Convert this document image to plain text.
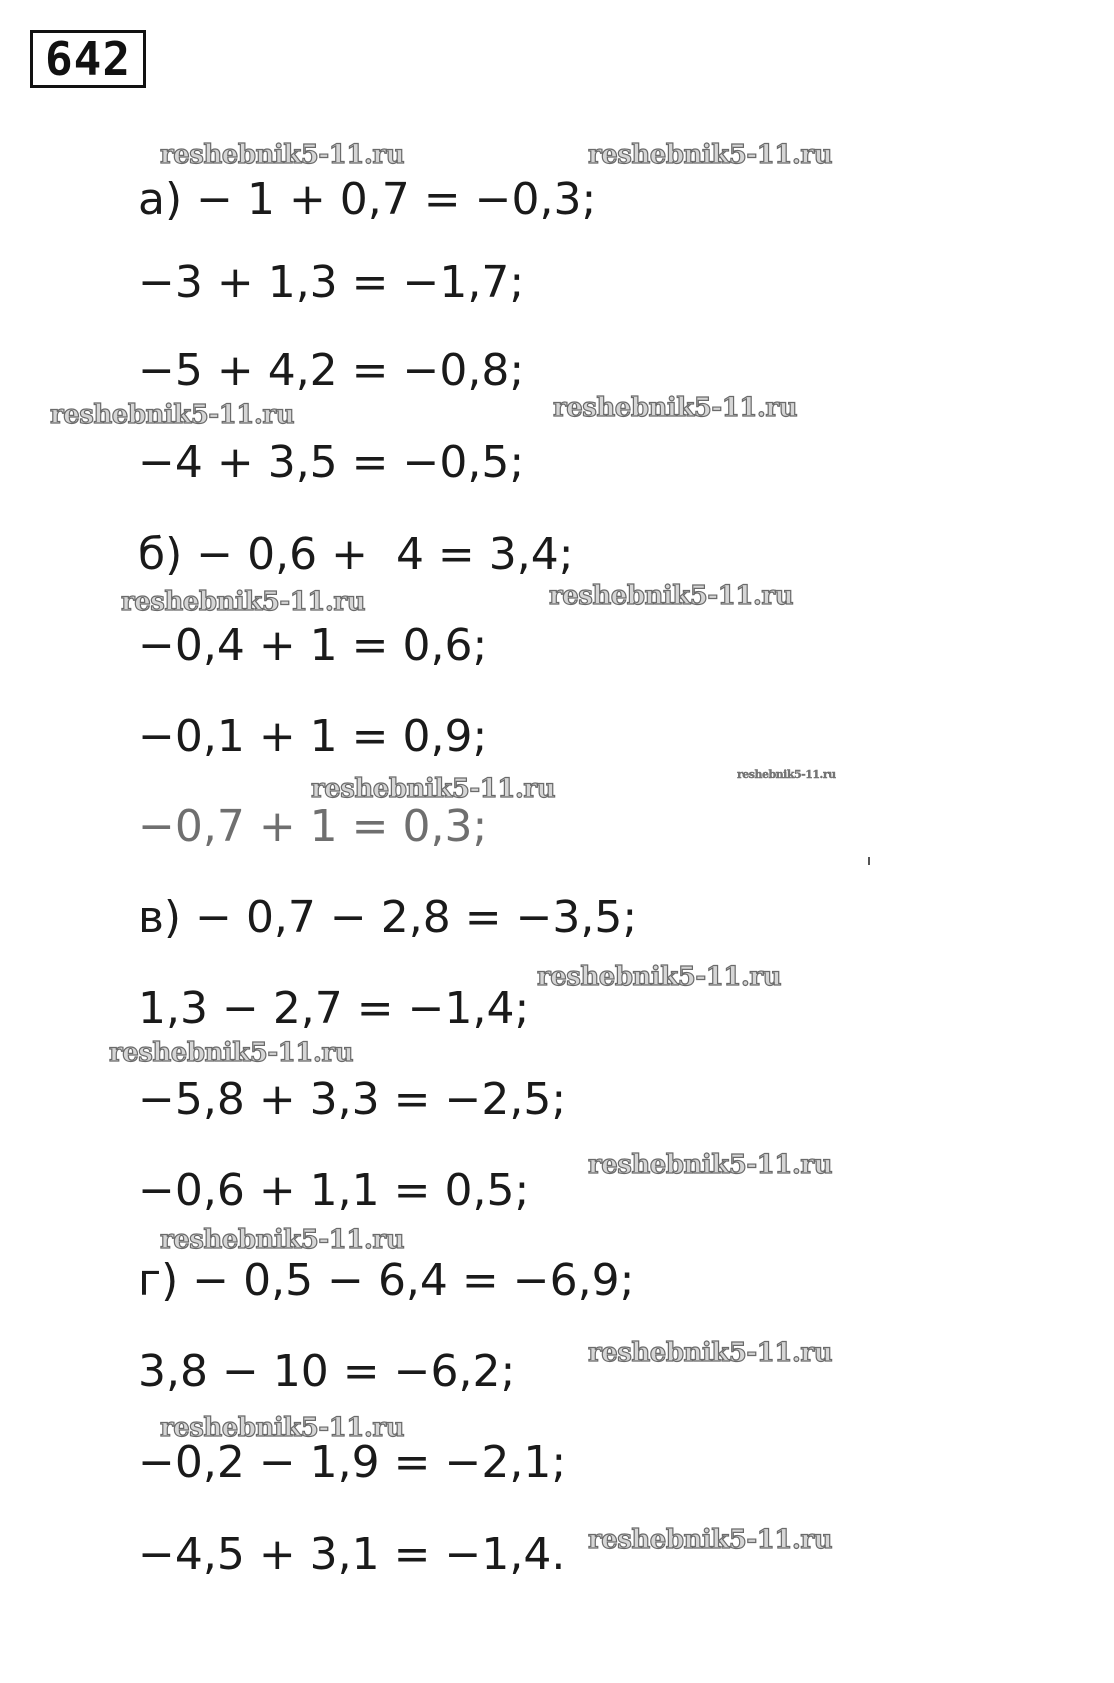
642
а) − 1 + 0,7 = −0,3;
−3 + 1,3 = −1,7;
−5 + 4,2 = −0,8;
−4 + 3,5 = −0,5;
б) − 0,6 +  4 = 3,4;
−0,4 + 1 = 0,6;
−0,1 + 1 = 0,9;
−0,7 + 1 = 0,3;
в) − 0,7 − 2,8 = −3,5;
1,3 − 2,7 = −1,4;
−5,8 + 3,3 = −2,5;
−0,6 + 1,1 = 0,5;
г) − 0,5 − 6,4 = −6,9;
3,8 − 10 = −6,2;
−0,2 − 1,9 = −2,1;
−4,5 + 3,1 = −1,4.
reshebnik5-11.ru	reshebnik5-11.ru
reshebnik5-11.ru	reshebnik5-11.ru
reshebnik5-11.ru	reshebnik5-11.ru
reshebnik5-11.ru	reshebnik5-11.ru
reshebnik5-11.ru
reshebnik5-11.ru
reshebnik5-11.ru
reshebnik5-11.ru
reshebnik5-11.ru
reshebnik5-11.ru
reshebnik5-11.ru
